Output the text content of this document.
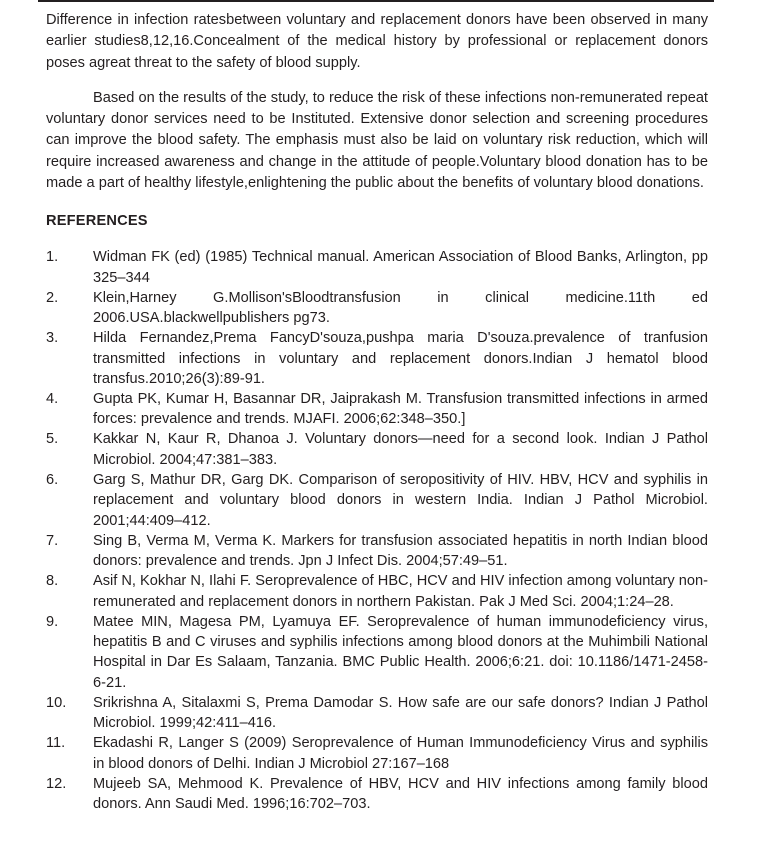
Difference in infection ratesbetween voluntary and replacement donors have been observed in many earlier studies8,12,16.Concealment of the medical history by professional or replacement donors poses agreat threat to the safety of blood supply.

Based on the results of the study, to reduce the risk of these infections non-remunerated repeat voluntary donor services need to be Instituted. Extensive donor selection and screening procedures can improve the blood safety. The emphasis must also be laid on voluntary risk reduction, which will require increased awareness and change in the attitude of people.Voluntary blood donation has to be made a part of healthy lifestyle,enlightening the public about the benefits of voluntary blood donations.

REFERENCES
1.	Widman FK (ed) (1985) Technical manual. American Association of Blood Banks, Arlington, pp 325–344
2.	Klein,Harney G.Mollison'sBloodtransfusion in clinical medicine.11th ed 2006.USA.blackwellpublishers pg73.
3.	Hilda Fernandez,Prema FancyD'souza,pushpa maria D'souza.prevalence of tranfusion transmitted infections in voluntary and replacement donors.Indian J hematol blood transfus.2010;26(3):89-91.
4.	Gupta PK, Kumar H, Basannar DR, Jaiprakash M. Transfusion transmitted infections in armed forces: prevalence and trends. MJAFI. 2006;62:348–350.]
5.	Kakkar N, Kaur R, Dhanoa J. Voluntary donors—need for a second look. Indian J Pathol Microbiol. 2004;47:381–383.
6.	Garg S, Mathur DR, Garg DK. Comparison of seropositivity of HIV. HBV, HCV and syphilis in replacement and voluntary blood donors in western India. Indian J Pathol Microbiol. 2001;44:409–412.
7.	Sing B, Verma M, Verma K. Markers for transfusion associated hepatitis in north Indian blood donors: prevalence and trends. Jpn J Infect Dis. 2004;57:49–51.
8.	Asif N, Kokhar N, Ilahi F. Seroprevalence of HBC, HCV and HIV infection among voluntary non-remunerated and replacement donors in northern Pakistan. Pak J Med Sci. 2004;1:24–28.
9.	Matee MIN, Magesa PM, Lyamuya EF. Seroprevalence of human immunodeficiency virus, hepatitis B and C viruses and syphilis infections among blood donors at the Muhimbili National Hospital in Dar Es Salaam, Tanzania. BMC Public Health. 2006;6:21. doi: 10.1186/1471-2458-6-21.
10.	Srikrishna A, Sitalaxmi S, Prema Damodar S. How safe are our safe donors? Indian J Pathol Microbiol. 1999;42:411–416.
11.	Ekadashi R, Langer S (2009) Seroprevalence of Human Immunodeficiency Virus and syphilis in blood donors of Delhi. Indian J Microbiol 27:167–168
12.	Mujeeb SA, Mehmood K. Prevalence of HBV, HCV and HIV infections among family blood donors. Ann Saudi Med. 1996;16:702–703.
